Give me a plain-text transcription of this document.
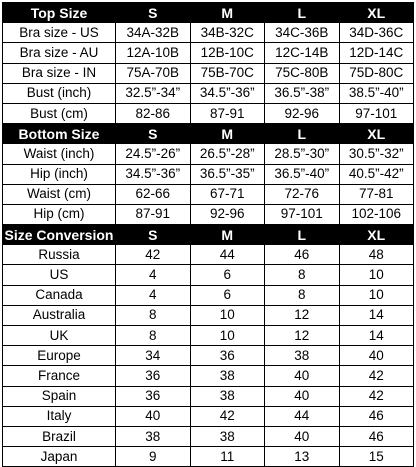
Top Size	S	M	L	XL
Bra size - US	34A-32B	34B-32C	34C-36B	34D-36C
Bra size - AU	12A-10B	12B-10C	12C-14B	12D-14C
Bra size - IN	75A-70B	75B-70C	75C-80B	75D-80C
Bust (inch)	32.5”-34”	34.5”-36”	36.5”-38”	38.5”-40”
Bust (cm)	82-86	87-91	92-96	97-101
Bottom Size	S	M	L	XL
Waist (inch)	24.5”-26”	26.5”-28”	28.5”-30”	30.5”-32”
Hip (inch)	34.5”-36”	36.5”-35”	36.5”-40”	40.5”-42”
Waist (cm)	62-66	67-71	72-76	77-81
Hip (cm)	87-91	92-96	97-101	102-106
Size Conversion	S	M	L	XL
Russia	42	44	46	48
US	4	6	8	10
Canada	4	6	8	10
Australia	8	10	12	14
UK	8	10	12	14
Europe	34	36	38	40
France	36	38	40	42
Spain	36	38	40	42
Italy	40	42	44	46
Brazil	38	38	40	46
Japan	9	11	13	15
